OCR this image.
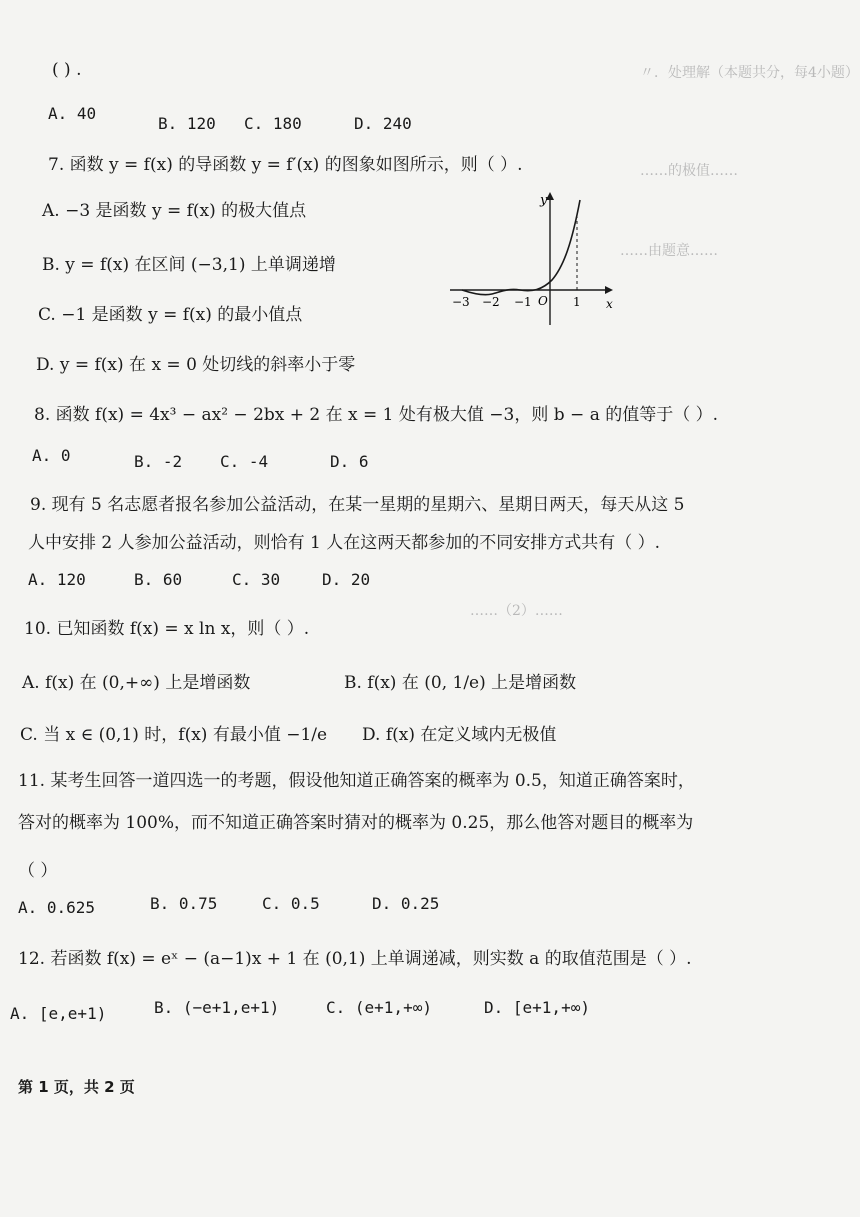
〃．处理解（本题共分，每4小题）
……的极值……
……由题意……
……（2）……
( ) .
A. 40
B. 120 C. 180	D. 240
7. 函数 y = f(x) 的导函数 y = f′(x) 的图象如图所示，则（ ）.
A. −3 是函数 y = f(x) 的极大值点
B. y = f(x) 在区间 (−3,1) 上单调递增
C. −1 是函数 y = f(x) 的最小值点
D. y = f(x) 在 x = 0 处切线的斜率小于零
y
x
O
−3 −2 −1	1
8. 函数 f(x) = 4x³ − ax² − 2bx + 2 在 x = 1 处有极大值 −3，则 b − a 的值等于（ ）.
A. 0	B. -2 C. -4	D. 6
9. 现有 5 名志愿者报名参加公益活动，在某一星期的星期六、星期日两天，每天从这 5
人中安排 2 人参加公益活动，则恰有 1 人在这两天都参加的不同安排方式共有（ ）.
A. 120	B. 60	C. 30	D. 20
10. 已知函数 f(x) = x ln x，则（ ）.
A. f(x) 在 (0,+∞) 上是增函数	B. f(x) 在 (0, 1/e) 上是增函数
C. 当 x ∈ (0,1) 时，f(x) 有最小值 −1/e D. f(x) 在定义域内无极值
11. 某考生回答一道四选一的考题，假设他知道正确答案的概率为 0.5，知道正确答案时，
答对的概率为 100%，而不知道正确答案时猜对的概率为 0.25，那么他答对题目的概率为
（ ）
A. 0.625	B. 0.75	C. 0.5	D. 0.25
12. 若函数 f(x) = eˣ − (a−1)x + 1 在 (0,1) 上单调递减，则实数 a 的取值范围是（ ）.
A. [e,e+1)	B. (−e+1,e+1)	C. (e+1,+∞)	D. [e+1,+∞)
第 1 页，共 2 页
